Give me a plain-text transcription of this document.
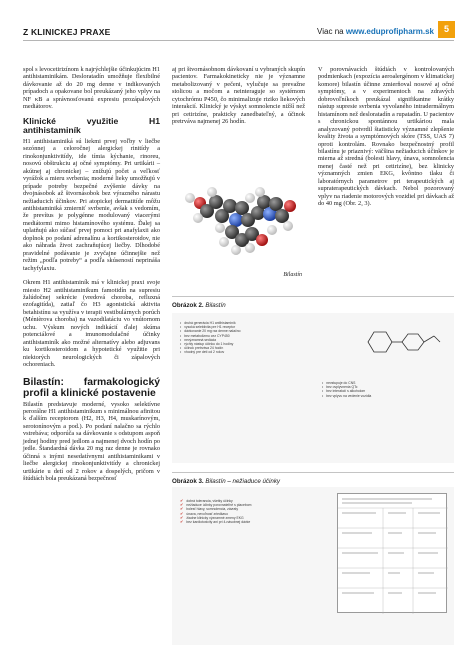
Z KLINICKEJ PRAXE	Viac na www.eduprofipharm.sk	5

spol s levocetirizínom k najrýchlejšie účinkujúcim H1 antihistaminikám. Desloratadín umožňuje flexibilné dávkovanie až do 20 mg denne v indikovaných prípadoch a opakovane bol preukázaný jeho vplyv na NF κB a správnosťovanú expresiu prozápalových mediátorov.

Klinické využitie H1 antihistaminík

H1 antihistaminiká sú liekmi prvej voľby v liečbe sezónnej a celoročnej alergickej rinitídy a rinokonjunktivitídy, ide tímia kýchanie, rinoreu, nosovú obštrukciu aj očné symptómy. Pri urtikárii – akútnej aj chronickej – znižujú počet a veľkosť vyrážok a mieru svrbenia; moderné lieky umožňujú v prípade potreby bezpečné zvýšenie dávky na dvojnásobok až štvornásobok bez výrazného nárastu nežiaducich účinkov. Pri atopickej dermatitíde môžu antihistaminiká zmierniť svrbenie, avšak s vedomím, že prevítus je polygénne modulovaný viacerými mediátormi mimo histamínového systému. Ďalej sa uplatňujú ako súčasť prvej pomoci pri anafylaxii ako doplnok po podaní adrenalínu a kortikosteroidov, nie ako náhrada život zachraňujúcej liečby. Dlhodobé pravidelné podávanie je zvyčajne účinnejšie než režim „podľa potreby“ a podľa skúseností neprináša tachyfylaxiu.

Okrem H1 antihistaminík má v klinickej praxi svoje miesto H2 antihistaminikum famotidín na supresiu žalúdočnej sekrécie (vredová choroba, refluxná ezofagitída), zatiaľ čo H3 agonistická aktivita betahistínu sa využíva v terapii vestibulárnych porúch (Ménièrova choroba) na vazodilatáciu vo vnútornom uchu. Výskum nových indikácií ďalej skúma potenciálové a imunomodulačné účinky antihistaminík ako možné alternatívy alebo adjuvans ku kortikosteroidom a hypotetické využitie pri niektorých neurologických či zápalových ochoreniach.

Bilastín: farmakologický profil a klinické postavenie

Bilastín predstavuje moderné, vysoko selektívne perorálne H1 antihistaminikum s minimálnou afinitou k ďalším receptorom (H2, H3, H4, muskarínovým, serotonínovým a pod.). Po podaní nalačno sa rýchlo vstrebáva; odporúča sa dávkovanie s odstupom aspoň jednej hodiny pred jedlom a najmenej dvoch hodín po jedle. Štandardná dávka 20 mg raz denne je rovnako účinná s inými nesedatívnymi antihistaminikami v liečbe alergickej rinokonjunktivitídy a chronickej urtikárie u detí od 2 rokov a dospelých, pričom v štúdiách bola preukázaná bezpečnosť

aj pri štvornásobnom dávkovaní u vybraných skupín pacientov. Farmakokineticky nie je významne metabolizovaný v pečeni, vylučuje sa prevažne stolicou a močom a neinteraguje so systémom cytochrómu P450, čo minimalizuje riziko liekových interakcií. Klinický je výskyt somnolencie nižší než pri cetirizíne, prakticky zanedbateľný, a účinok pretrváva najmenej 26 hodín.

Bilastín

V porovnávacích štúdiách v kontrolovaných podmienkach (expozícia aeroalergénom v klimatickej komore) bilastín účinne zmierňoval nosové aj očné symptómy, a v experimentoch na zdravých dobrovoľníkoch preukázal signifikantne krátky nástup supresie svrbenia vyvolaného intradermálnym histamínom než desloratadín a rupatadín. U pacientov s chronickou spontánnou urtikáriou mala analyzovaný potvrdil štatisticky významné zlepšenie kvality života a symptómových skóre (TSS, UAS 7) oproti kontrolám. Rovnako bezpečnostný profil bilastínu je priaznivý: väčšina nežiaducich účinkov je mierna až stredná (bolesti hlavy, únava, somnolencia menej časté než pri cetirizíne), bez klinicky významných zmien EKG, kvôntno tlaku či laboratórnych parametrov pri terapeutických aj supraterapeutických dávkach. Nebol pozorovaný vplyv na riadenie motorových vozidiel pri dávkach až do 40 mg (Obr. 2, 3).

Obrázok 2. Bilastín
• druhá generácia H1 antihistaminík
• vysoká selektivita pre H1 receptor
• dávkovanie 20 mg raz denne nalačno
• bez metabolizmu cez CYP450
• nevýznamná sedácia
• rýchly nástup účinku do 1 hodiny
• účinok pretrváva 24 hodín
• vhodný pre deti od 2 rokov
• nevstupuje do CNS
• bez ovplyvnenia QTc
• bez interakcií s alkoholom
• bez vplyvu na vedenie vozidla
Obrázok 3. Bilastín – nežiaduce účinky
✔ dobrá tolerancia, všetky účinky
✔ nežiaduce účinky porovnateľné s placebom
✔ bolesť hlavy, somnolencia, závraty
✔ únava, nevoľnosť zriedkavo
✔ žiadne klinicky významné zmeny EKG
✔ bez kardiotoxicity ani pri 4-násobnej dávke
